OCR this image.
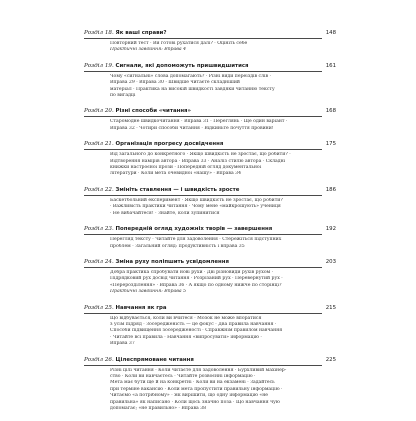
Розділ 18. Як ваші справи?	148
Повторний тест · Ви готові рухатися далі? · Оцініть себе
Практичні завдання: Вправа 4
Розділ 19. Сигнали, які допоможуть пришвидшитися	161
Чому «сигнальні» слова допомагають? · Різні види переїздів слів ·
Вправа 29 · Вправа 30 · Швидше читаєте складніший
матеріал · Практика на високій швидкості завдяки читанню тексту
по вигадці
Розділ 20. Різні способи «читання»	168
Старомодне швидкочитання · Вправа 31 · Переглянь · Ще один варіант ·
Вправа 32 · Чотири способи читання · Відкиньте почуття провини!
Розділ 21. Організація прогресу досвідчення	175
Від загального до конкретного · Якщо швидкість не зростає, що робити? ·
Відтворення намірів автора · Вправа 33 · Аналіз стилю автора · Складні
книжки настроєної прози · Попередній огляд документальної
літератури · Коли мета очевидної «нашу» · Вправа 34
Розділ 22. Змініть ставлення — і швидкість зросте	186
Баскетбольний експеримент · Якщо швидкість не зростає, що робити?
· Важливість практики читання · Чому мене «майкрошують» учениця
· Не вибачайтеся! · Знайте, коли зупинитися
Розділ 23. Попередній огляд художніх творів — завершення	192
Перегляд тексту · Читайте для задоволення · Стережіться підступних
проблем · Загальний огляд: продуктивність і вправа 35
Розділ 24. Зміна руху поліпшить усвідомлення	203
Добра практика спробувати нові рухи · Дві різновиди рухів рухом ·
Підрядковий рух досвід читання · Розрізаний рух · Перевернутий рух ·
«Перерозділення» · Вправа 36 · А якщо по одному нижче по сторінці?
Практичні завдання: Вправа 5
Розділ 25. Навчання як гра	215
Що відбувається, коли ви вчитеся · Мозок не може впоратися
з усім підряд · Зосередженість — це фокус · Два правила навчання ·
Способи підвищення зосередженості · Справжнім правилом навчання
· Читайте всі правила · Навчання «випросувати» інформацію ·
Вправа 37
Розділ 26. Цілеспрямоване читання	225
Різні цілі читання · Коли читаєте для задоволення · Бурхливий махінер-
ство · Коли ви навчаєтесь · Читайте розвоєнні інформацію ·
Мета має бути ще й на конкретні · Коли ви на екзамені · Задайтесь
при терміне вакансію · Коли мета пропустити правильну інформацію ·
Читаємо «а потрібному» · Як вирішити, що одну інформацію «не
правильна» як написано · Коли щось значно поза · Що навчання чую
допомагає; «не правильно» · Вправа 38
